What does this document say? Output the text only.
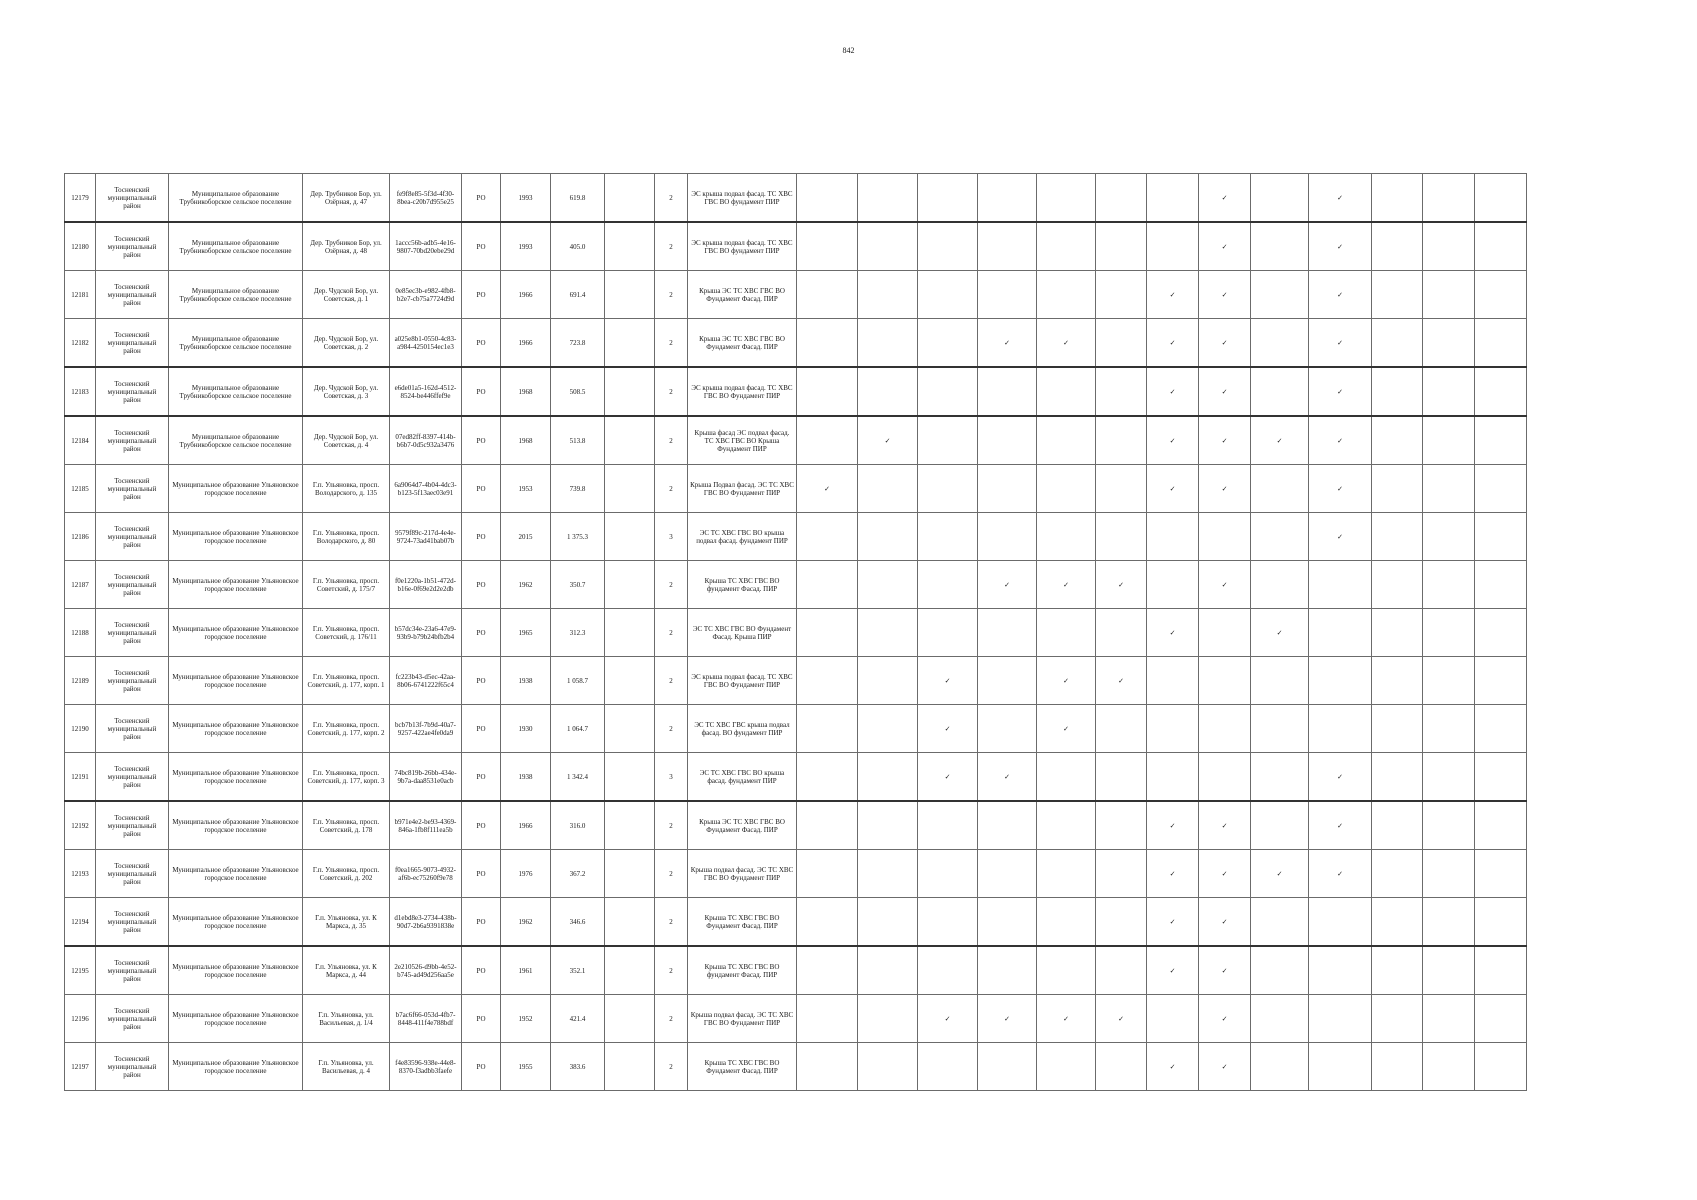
842
12179	Тосненский муниципальный район	Муниципальное образование Трубникоборское сельское поселение	Дер. Трубников Бор, ул. Озёрная, д. 47	fe9f8e85-5f3d-4f30-8bea-c20b7d955e25	РО	1993	619.8		2	ЭС крыша подвал фасад. ТС ХВС ГВС ВО фундамент ПИР								✓		✓			
12180	Тосненский муниципальный район	Муниципальное образование Трубникоборское сельское поселение	Дер. Трубников Бор, ул. Озёрная, д. 48	1accc56b-adb5-4e16-9807-70bd20ebe29d	РО	1993	405.0		2	ЭС крыша подвал фасад. ТС ХВС ГВС ВО фундамент ПИР								✓		✓			
12181	Тосненский муниципальный район	Муниципальное образование Трубникоборское сельское поселение	Дер. Чудской Бор, ул. Советская, д. 1	0e85ec3b-e982-4fb8-b2e7-cb75a7724d9d	РО	1966	691.4		2	Крыша ЭС ТС ХВС ГВС ВО Фундамент Фасад. ПИР							✓	✓		✓			
12182	Тосненский муниципальный район	Муниципальное образование Трубникоборское сельское поселение	Дер. Чудской Бор, ул. Советская, д. 2	a025e8b1-0550-4c83-a984-4250154ec1e3	РО	1966	723.8		2	Крыша ЭС ТС ХВС ГВС ВО Фундамент Фасад. ПИР				✓	✓		✓	✓		✓			
12183	Тосненский муниципальный район	Муниципальное образование Трубникоборское сельское поселение	Дер. Чудской Бор, ул. Советская, д. 3	e6de01a5-162d-4512-8524-be446ffef9e	РО	1968	508.5		2	ЭС крыша подвал фасад. ТС ХВС ГВС ВО Фундамент ПИР							✓	✓		✓			
12184	Тосненский муниципальный район	Муниципальное образование Трубникоборское сельское поселение	Дер. Чудской Бор, ул. Советская, д. 4	07ed82ff-8397-414b-b6b7-0d5c932a3476	РО	1968	513.8		2	Крыша фасад ЭС подвал фасад. ТС ХВС ГВС ВО Крыша Фундамент ПИР		✓					✓	✓	✓	✓			
12185	Тосненский муниципальный район	Муниципальное образование Ульяновское городское поселение	Г.п. Ульяновка, просп. Володарского, д. 135	6a9064d7-4b04-4dc3-b123-5f13aec03e91	РО	1953	739.8		2	Крыша Подвал фасад. ЭС ТС ХВС ГВС ВО Фундамент ПИР	✓						✓	✓		✓			
12186	Тосненский муниципальный район	Муниципальное образование Ульяновское городское поселение	Г.п. Ульяновка, просп. Володарского, д. 80	9579f89c-217d-4e4e-9724-73ad41bab07b	РО	2015	1 375.3		3	ЭС ТС ХВС ГВС ВО крыша подвал фасад. фундамент ПИР										✓			
12187	Тосненский муниципальный район	Муниципальное образование Ульяновское городское поселение	Г.п. Ульяновка, просп. Советский, д. 175/7	f0e1220a-1b51-472d-b16e-0f69e2d2e2db	РО	1962	350.7		2	Крыша ТС ХВС ГВС ВО фундамент Фасад. ПИР				✓	✓	✓		✓					
12188	Тосненский муниципальный район	Муниципальное образование Ульяновское городское поселение	Г.п. Ульяновка, просп. Советский, д. 176/11	b57dc34e-23a6-47e9-93b9-b79b24bfb2b4	РО	1965	312.3		2	ЭС ТС ХВС ГВС ВО Фундамент Фасад. Крыша ПИР							✓		✓				
12189	Тосненский муниципальный район	Муниципальное образование Ульяновское городское поселение	Г.п. Ульяновка, просп. Советский, д. 177, корп. 1	fc223b43-d5ec-42aa-8b06-6741222f65c4	РО	1938	1 058.7		2	ЭС крыша подвал фасад. ТС ХВС ГВС ВО Фундамент ПИР			✓		✓	✓							
12190	Тосненский муниципальный район	Муниципальное образование Ульяновское городское поселение	Г.п. Ульяновка, просп. Советский, д. 177, корп. 2	bcb7b13f-7b9d-40a7-9257-422ae4fe0da9	РО	1930	1 064.7		2	ЭС ТС ХВС ГВС крыша подвал фасад. ВО фундамент ПИР			✓		✓								
12191	Тосненский муниципальный район	Муниципальное образование Ульяновское городское поселение	Г.п. Ульяновка, просп. Советский, д. 177, корп. 3	74bc819b-26bb-434e-9b7a-daa8531e0acb	РО	1938	1 342.4		3	ЭС ТС ХВС ГВС ВО крыша фасад. фундамент ПИР			✓	✓						✓			
12192	Тосненский муниципальный район	Муниципальное образование Ульяновское городское поселение	Г.п. Ульяновка, просп. Советский, д. 178	b971e4e2-be93-4369-846a-1fb8f111ea5b	РО	1966	316.0		2	Крыша ЭС ТС ХВС ГВС ВО Фундамент Фасад. ПИР							✓	✓		✓			
12193	Тосненский муниципальный район	Муниципальное образование Ульяновское городское поселение	Г.п. Ульяновка, просп. Советский, д. 202	f0ea1665-9073-4932-af6b-ec75260f9e78	РО	1976	367.2		2	Крыша подвал фасад. ЭС ТС ХВС ГВС ВО Фундамент ПИР							✓	✓	✓	✓			
12194	Тосненский муниципальный район	Муниципальное образование Ульяновское городское поселение	Г.п. Ульяновка, ул. К Маркса, д. 35	d1ebd8e3-2734-438b-90d7-2b6a9391838e	РО	1962	346.6		2	Крыша ТС ХВС ГВС ВО Фундамент Фасад. ПИР							✓	✓					
12195	Тосненский муниципальный район	Муниципальное образование Ульяновское городское поселение	Г.п. Ульяновка, ул. К Маркса, д. 44	2e210526-d9bb-4e52-b745-ad49d256aa5e	РО	1961	352.1		2	Крыша ТС ХВС ГВС ВО фундамент Фасад. ПИР							✓	✓					
12196	Тосненский муниципальный район	Муниципальное образование Ульяновское городское поселение	Г.п. Ульяновка, ул. Васильевая, д. 1/4	b7ac6f66-053d-4fb7-8448-411f4e788bdf	РО	1952	421.4		2	Крыша подвал фасад. ЭС ТС ХВС ГВС ВО Фундамент ПИР			✓	✓	✓	✓		✓					
12197	Тосненский муниципальный район	Муниципальное образование Ульяновское городское поселение	Г.п. Ульяновка, ул. Васильевая, д. 4	f4e83596-938e-44e8-8370-f3adbb3faefe	РО	1955	383.6		2	Крыша ТС ХВС ГВС ВО Фундамент Фасад. ПИР							✓	✓					
